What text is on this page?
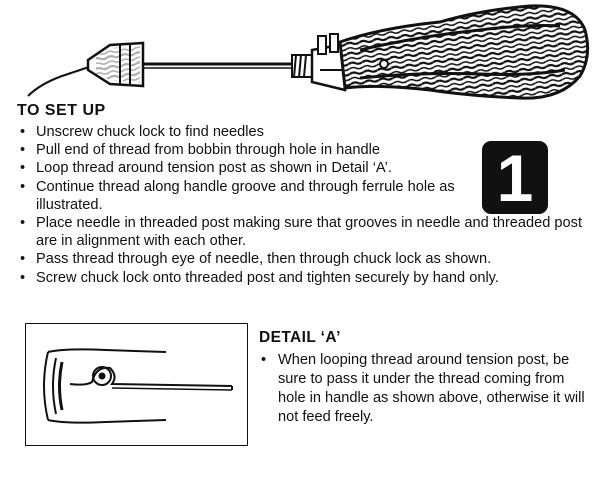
TO SET UP
• Unscrew chuck lock to find needles
• Pull end of thread from bobbin through hole in handle
• Loop thread around tension post as shown in Detail ‘A’.
• Continue thread along handle groove and through ferrule hole as illustrated.
• Place needle in threaded post making sure that grooves in needle and threaded post are in alignment with each other.
• Pass thread through eye of needle, then through chuck lock as shown.
• Screw chuck lock onto threaded post and tighten securely by hand only.
1
DETAIL ‘A’
• When looping thread around tension post, be sure to pass it under the thread coming from hole in handle as shown above, otherwise it will not feed freely.
